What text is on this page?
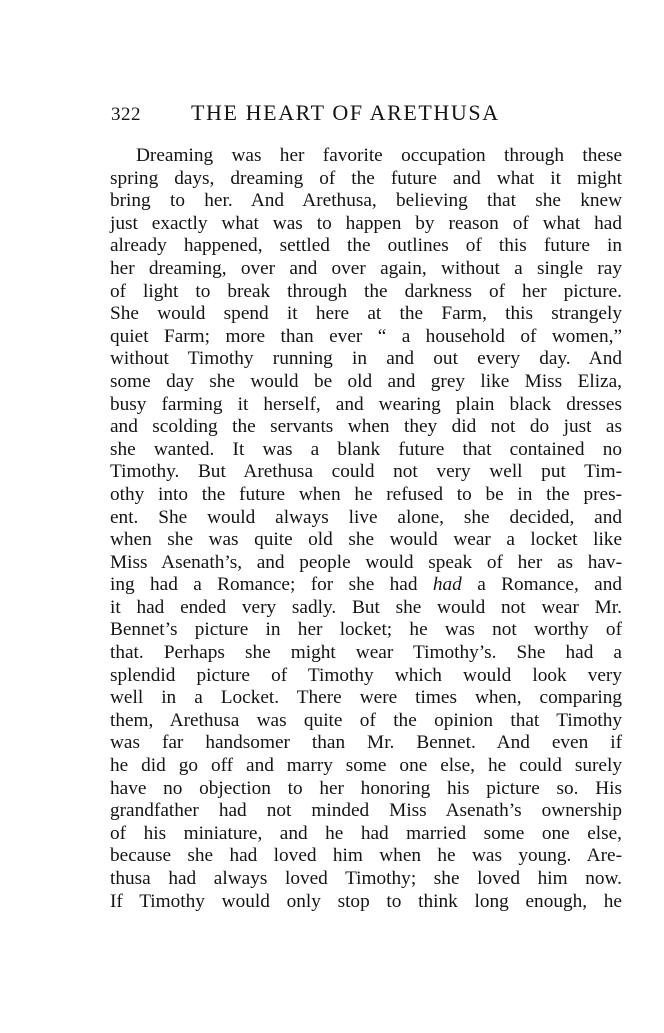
322	THE HEART OF ARETHUSA
Dreaming was her favorite occupation through these
spring days, dreaming of the future and what it might
bring to her. And Arethusa, believing that she knew
just exactly what was to happen by reason of what had
already happened, settled the outlines of this future in
her dreaming, over and over again, without a single ray
of light to break through the darkness of her picture.
She would spend it here at the Farm, this strangely
quiet Farm; more than ever “ a household of women,”
without Timothy running in and out every day. And
some day she would be old and grey like Miss Eliza,
busy farming it herself, and wearing plain black dresses
and scolding the servants when they did not do just as
she wanted. It was a blank future that contained no
Timothy. But Arethusa could not very well put Tim-
othy into the future when he refused to be in the pres-
ent. She would always live alone, she decided, and
when she was quite old she would wear a locket like
Miss Asenath’s, and people would speak of her as hav-
ing had a Romance; for she had had a Romance, and
it had ended very sadly. But she would not wear Mr.
Bennet’s picture in her locket; he was not worthy of
that. Perhaps she might wear Timothy’s. She had a
splendid picture of Timothy which would look very
well in a Locket. There were times when, comparing
them, Arethusa was quite of the opinion that Timothy
was far handsomer than Mr. Bennet. And even if
he did go off and marry some one else, he could surely
have no objection to her honoring his picture so. His
grandfather had not minded Miss Asenath’s ownership
of his miniature, and he had married some one else,
because she had loved him when he was young. Are-
thusa had always loved Timothy; she loved him now.
If Timothy would only stop to think long enough, he
